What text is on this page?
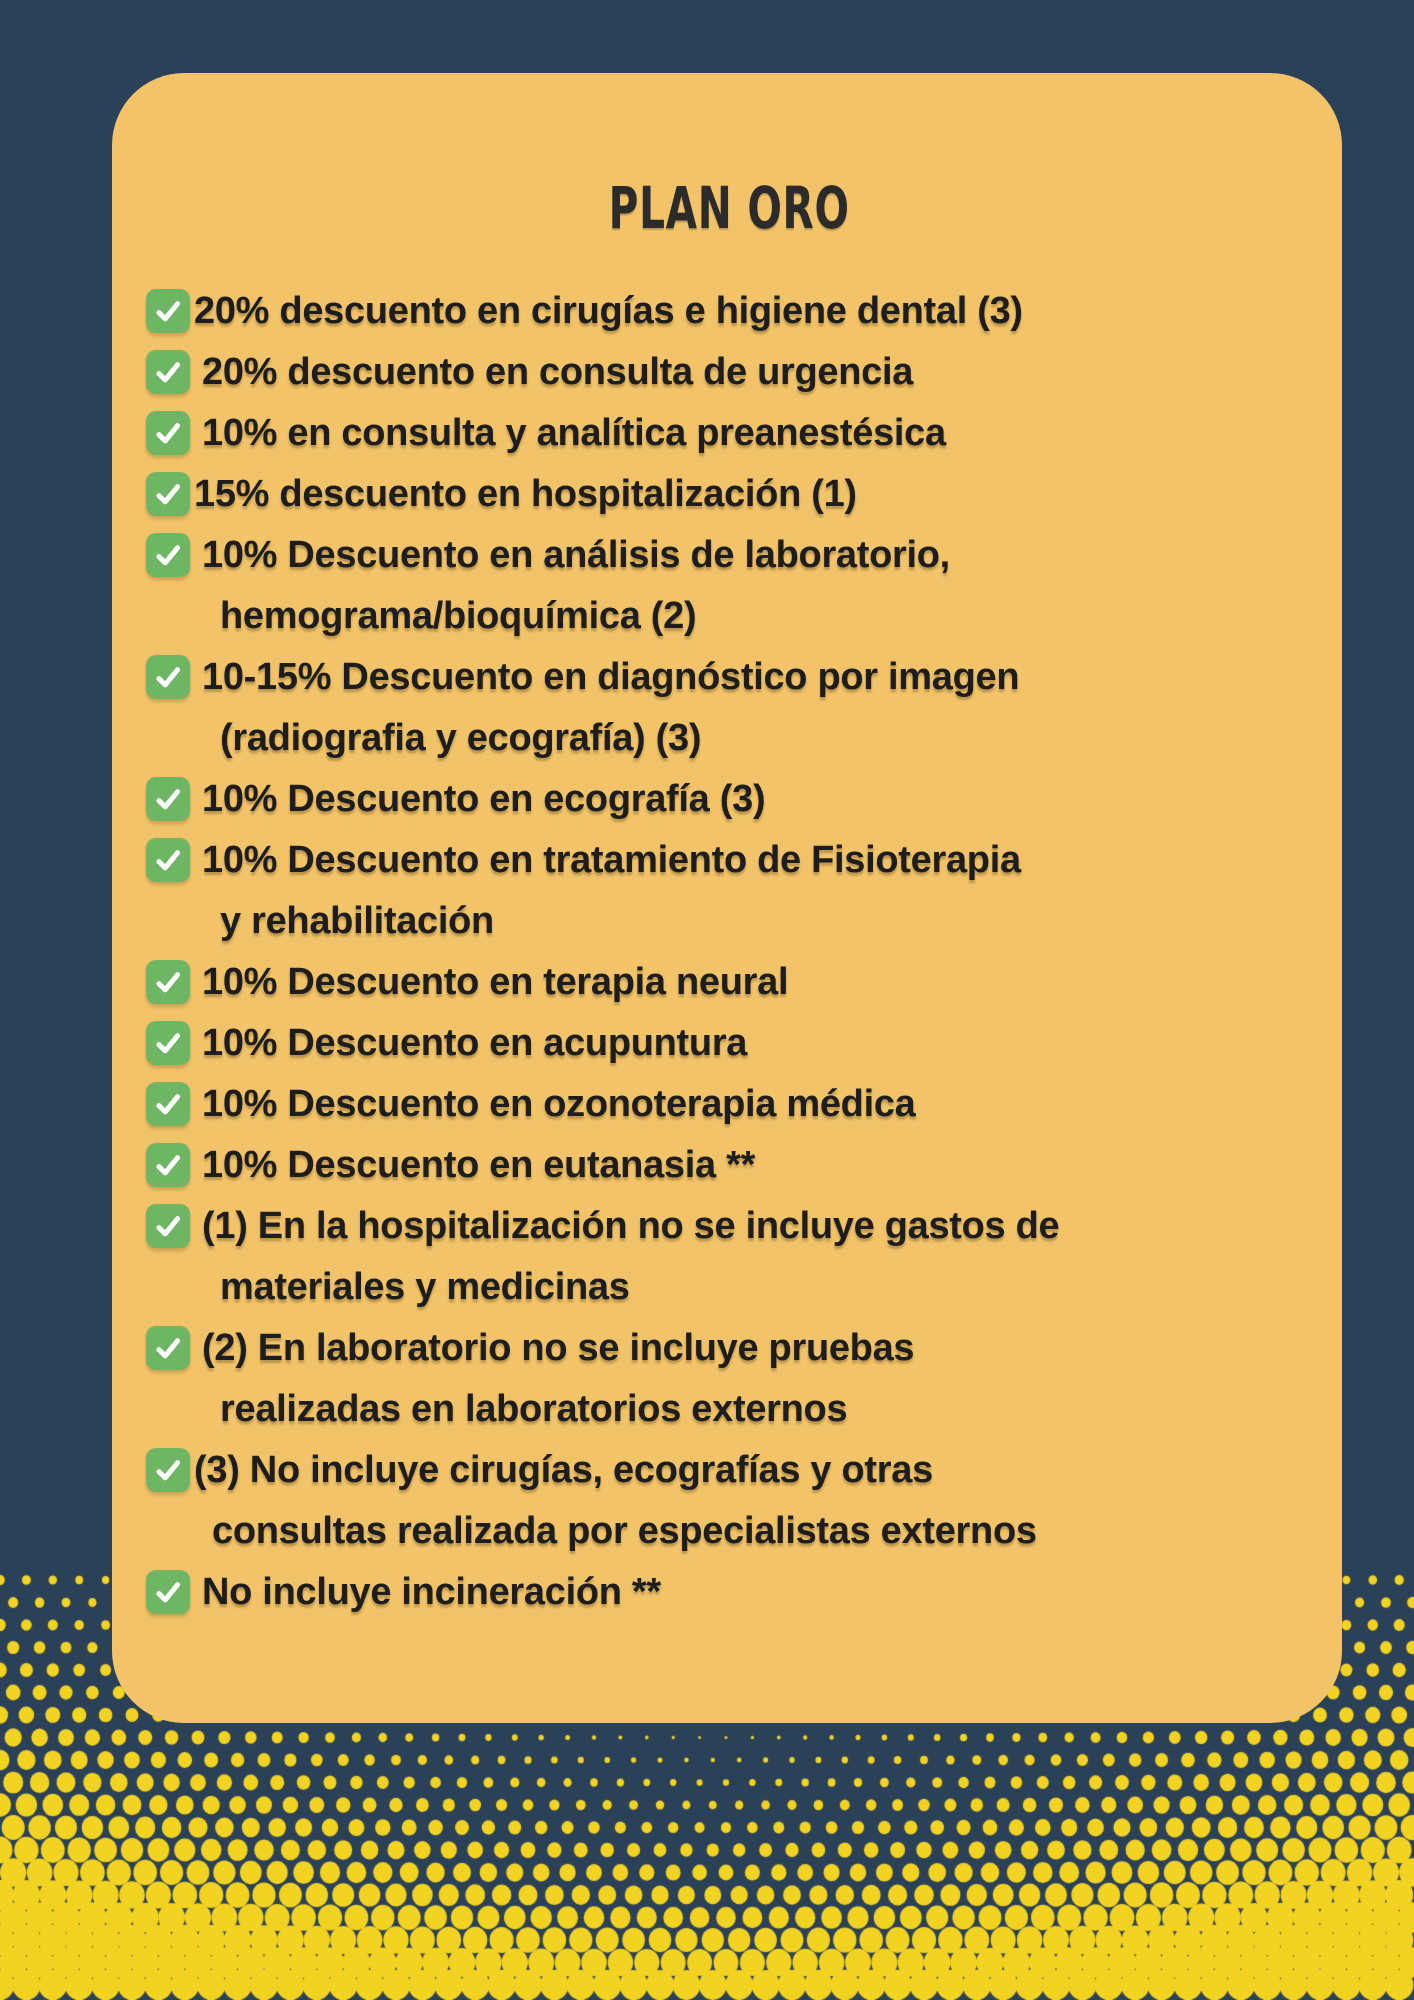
PLAN ORO
20% descuento en cirugías e higiene dental (3)
20% descuento en consulta de urgencia
10% en consulta y analítica preanestésica
15% descuento en hospitalización (1)
10% Descuento en análisis de laboratorio,
hemograma/bioquímica (2)
10-15% Descuento en diagnóstico por imagen
(radiografia y ecografía) (3)
10% Descuento en ecografía (3)
10% Descuento en tratamiento de Fisioterapia
y rehabilitación
10% Descuento en terapia neural
10% Descuento en acupuntura
10% Descuento en ozonoterapia médica
10% Descuento en eutanasia **
(1) En la hospitalización no se incluye gastos de
materiales y medicinas
(2) En laboratorio no se incluye pruebas
realizadas en laboratorios externos
(3) No incluye cirugías, ecografías y otras
consultas realizada por especialistas externos
No incluye incineración **
